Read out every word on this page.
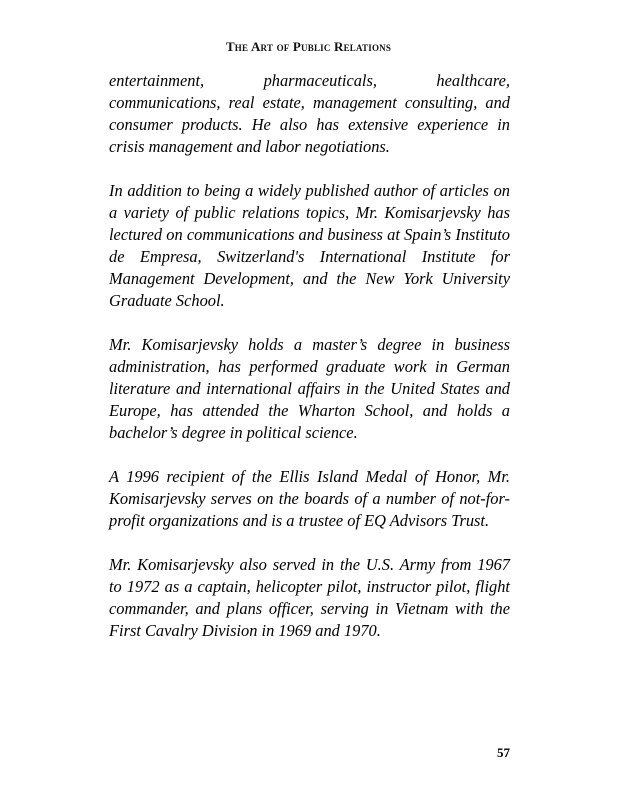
The Art of Public Relations

entertainment, pharmaceuticals, healthcare, communications, real estate, management consulting, and consumer products. He also has extensive experience in crisis management and labor negotiations.

In addition to being a widely published author of articles on a variety of public relations topics, Mr. Komisarjevsky has lectured on communications and business at Spain’s Instituto de Empresa, Switzerland's International Institute for Management Development, and the New York University Graduate School.

Mr. Komisarjevsky holds a master’s degree in business administration, has performed graduate work in German literature and international affairs in the United States and Europe, has attended the Wharton School, and holds a bachelor’s degree in political science.

A 1996 recipient of the Ellis Island Medal of Honor, Mr. Komisarjevsky serves on the boards of a number of not-for-profit organizations and is a trustee of EQ Advisors Trust.

Mr. Komisarjevsky also served in the U.S. Army from 1967 to 1972 as a captain, helicopter pilot, instructor pilot, flight commander, and plans officer, serving in Vietnam with the First Cavalry Division in 1969 and 1970.

57
